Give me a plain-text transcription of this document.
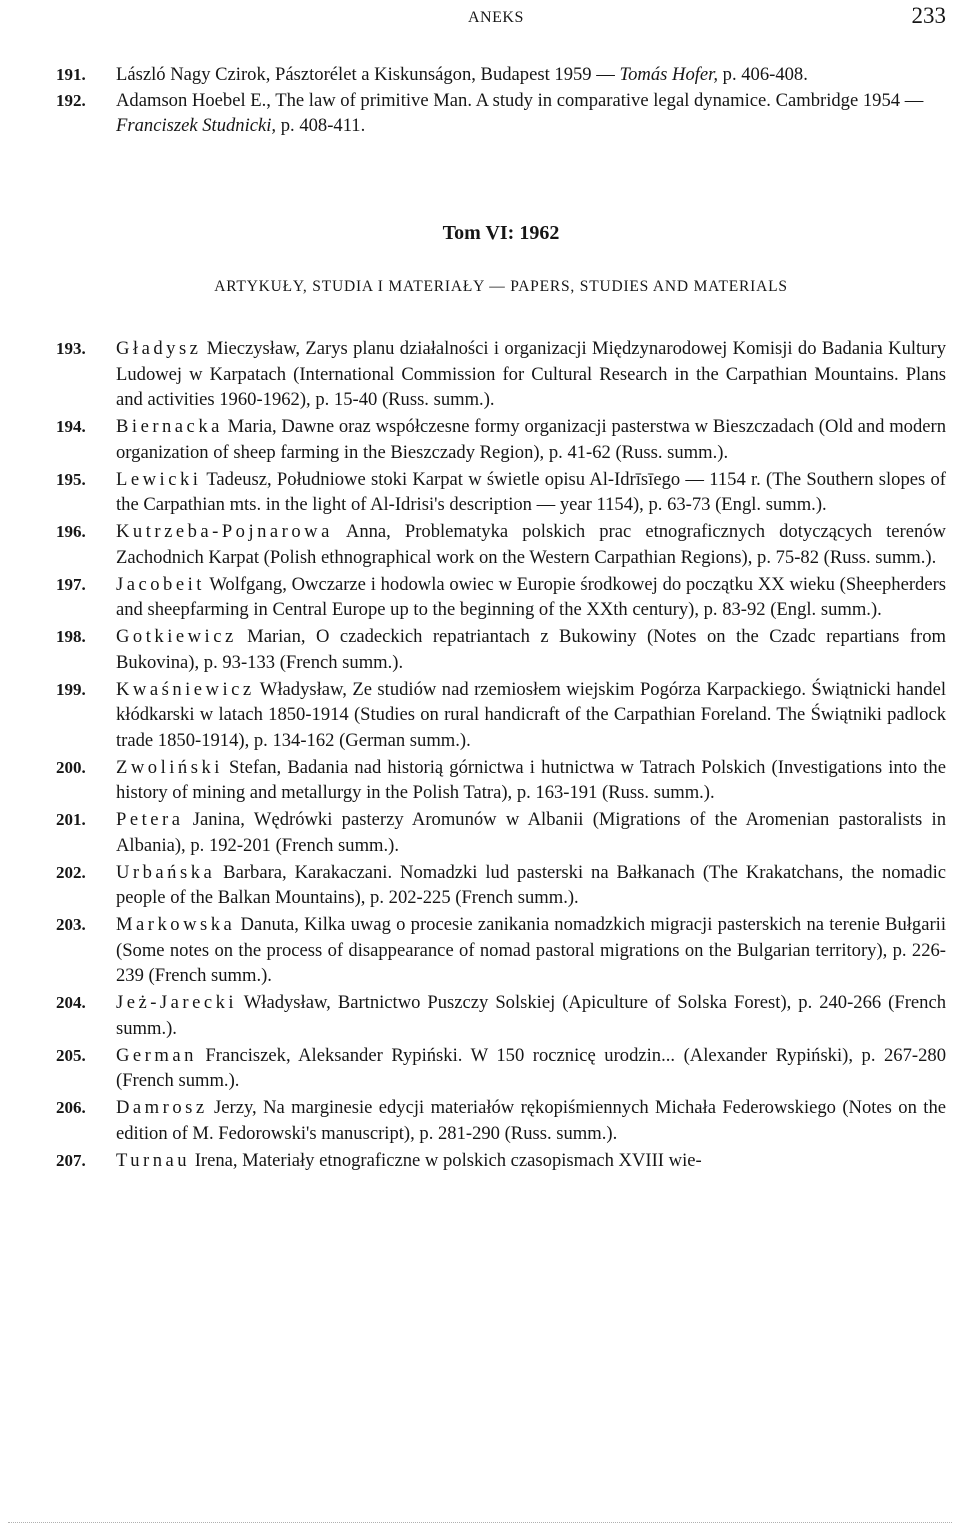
ANEKS	233
191. László Nagy Czirok, Pásztorélet a Kiskunságon, Budapest 1959 — Tomás Hofer, p. 406-408.
192. Adamson Hoebel E., The law of primitive Man. A study in comparative legal dynamice. Cambridge 1954 — Franciszek Studnicki, p. 408-411.
Tom VI: 1962
ARTYKUŁY, STUDIA I MATERIAŁY — PAPERS, STUDIES AND MATERIALS
193.	Gładysz Mieczysław, Zarys planu działalności i organizacji Międzynarodowej Komisji do Badania Kultury Ludowej w Karpatach (International Commission for Cultural Research in the Carpathian Mountains. Plans and activities 1960-1962), p. 15-40 (Russ. summ.).
194.	Biernacka Maria, Dawne oraz współczesne formy organizacji pasterstwa w Bieszczadach (Old and modern organization of sheep farming in the Bieszczady Region), p. 41-62 (Russ. summ.).
195.	Lewicki Tadeusz, Południowe stoki Karpat w świetle opisu Al-Idrīsīego — 1154 r. (The Southern slopes of the Carpathian mts. in the light of Al-Idrisi's description — year 1154), p. 63-73 (Engl. summ.).
196.	Kutrzeba-Pojnarowa Anna, Problematyka polskich prac etnograficznych dotyczących terenów Zachodnich Karpat (Polish ethnographical work on the Western Carpathian Regions), p. 75-82 (Russ. summ.).
197.	Jacobeit Wolfgang, Owczarze i hodowla owiec w Europie środkowej do początku XX wieku (Sheepherders and sheepfarming in Central Europe up to the beginning of the XXth century), p. 83-92 (Engl. summ.).
198.	Gotkiewicz Marian, O czadeckich repatriantach z Bukowiny (Notes on the Czadc repartians from Bukovina), p. 93-133 (French summ.).
199.	Kwaśniewicz Władysław, Ze studiów nad rzemiosłem wiejskim Pogórza Karpackiego. Świątnicki handel kłódkarski w latach 1850-1914 (Studies on rural handicraft of the Carpathian Foreland. The Świątniki padlock trade 1850-1914), p. 134-162 (German summ.).
200.	Zwoliński Stefan, Badania nad historią górnictwa i hutnictwa w Tatrach Polskich (Investigations into the history of mining and metallurgy in the Polish Tatra), p. 163-191 (Russ. summ.).
201.	Petera Janina, Wędrówki pasterzy Aromunów w Albanii (Migrations of the Aromenian pastoralists in Albania), p. 192-201 (French summ.).
202.	Urbańska Barbara, Karakaczani. Nomadzki lud pasterski na Bałkanach (The Krakatchans, the nomadic people of the Balkan Mountains), p. 202-225 (French summ.).
203.	Markowska Danuta, Kilka uwag o procesie zanikania nomadzkich migracji pasterskich na terenie Bułgarii (Some notes on the process of disappearance of nomad pastoral migrations on the Bulgarian territory), p. 226-239 (French summ.).
204.	Jeż-Jarecki Władysław, Bartnictwo Puszczy Solskiej (Apiculture of Solska Forest), p. 240-266 (French summ.).
205.	German Franciszek, Aleksander Rypiński. W 150 rocznicę urodzin... (Alexander Rypiński), p. 267-280 (French summ.).
206.	Damrosz Jerzy, Na marginesie edycji materiałów rękopiśmiennych Michała Federowskiego (Notes on the edition of M. Fedorowski's manuscript), p. 281-290 (Russ. summ.).
207.	Turnau Irena, Materiały etnograficzne w polskich czasopismach XVIII wie-
